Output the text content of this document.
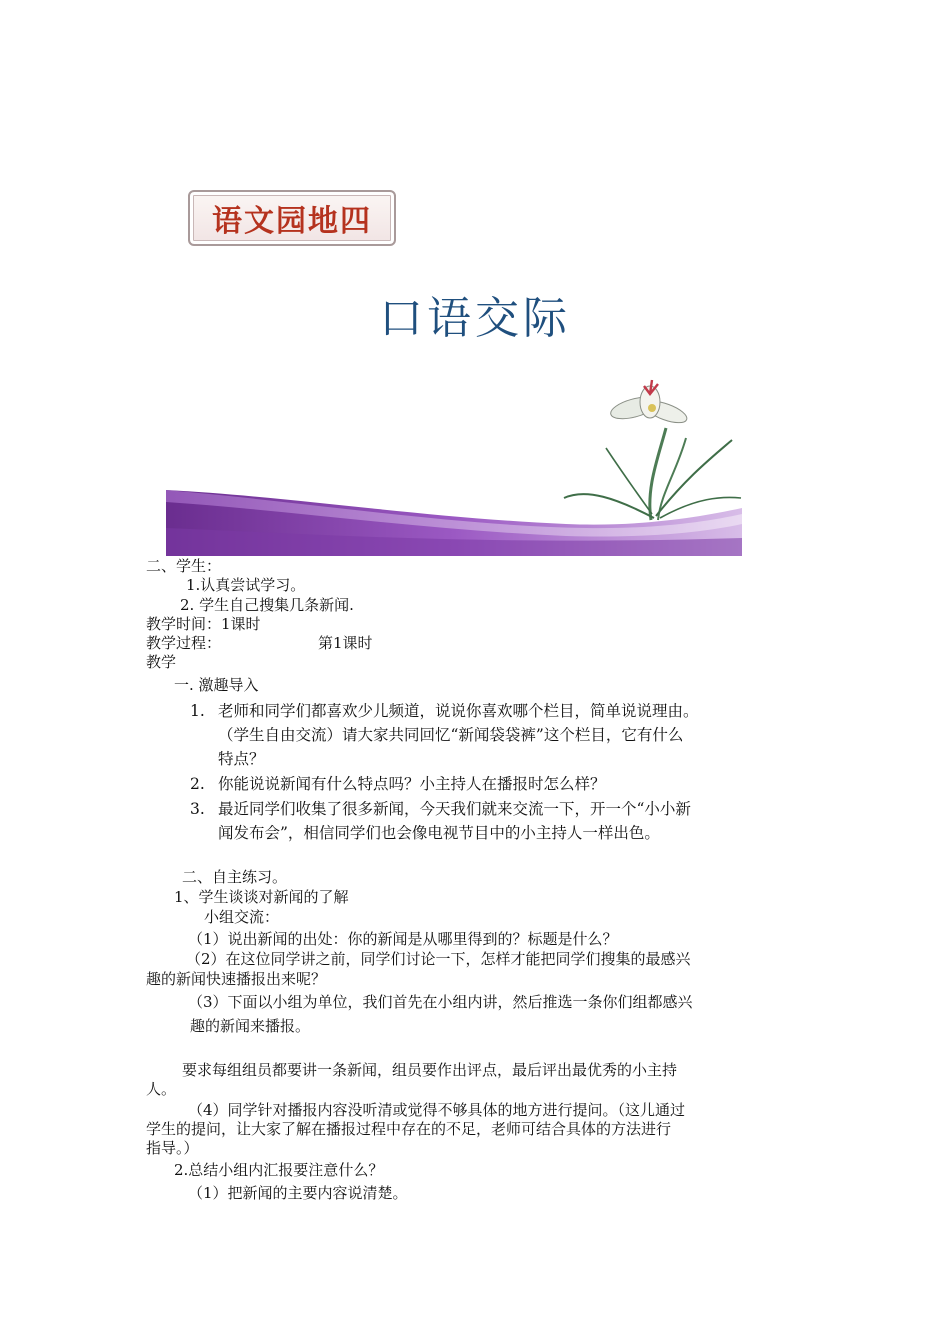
语文园地四
口语交际
二、学生：
1.认真尝试学习。
2. 学生自己搜集几条新闻.
教学时间：1课时
教学过程：	第1课时
教学
一. 激趣导入
1. 老师和同学们都喜欢少儿频道，说说你喜欢哪个栏目，简单说说理由。
（学生自由交流）请大家共同回忆“新闻袋袋裤”这个栏目，它有什么
特点？
2. 你能说说新闻有什么特点吗？小主持人在播报时怎么样？
3. 最近同学们收集了很多新闻，今天我们就来交流一下，开一个“小小新
闻发布会”，相信同学们也会像电视节目中的小主持人一样出色。
二、自主练习。
1、学生谈谈对新闻的了解
小组交流：
（1）说出新闻的出处：你的新闻是从哪里得到的？标题是什么？
（2）在这位同学讲之前，同学们讨论一下，怎样才能把同学们搜集的最感兴
趣的新闻快速播报出来呢？
（3）下面以小组为单位，我们首先在小组内讲，然后推选一条你们组都感兴
趣的新闻来播报。
要求每组组员都要讲一条新闻，组员要作出评点，最后评出最优秀的小主持
人。
（4）同学针对播报内容没听清或觉得不够具体的地方进行提问。（这儿通过
学生的提问，让大家了解在播报过程中存在的不足，老师可结合具体的方法进行
指导。）
2.总结小组内汇报要注意什么？
（1）把新闻的主要内容说清楚。
